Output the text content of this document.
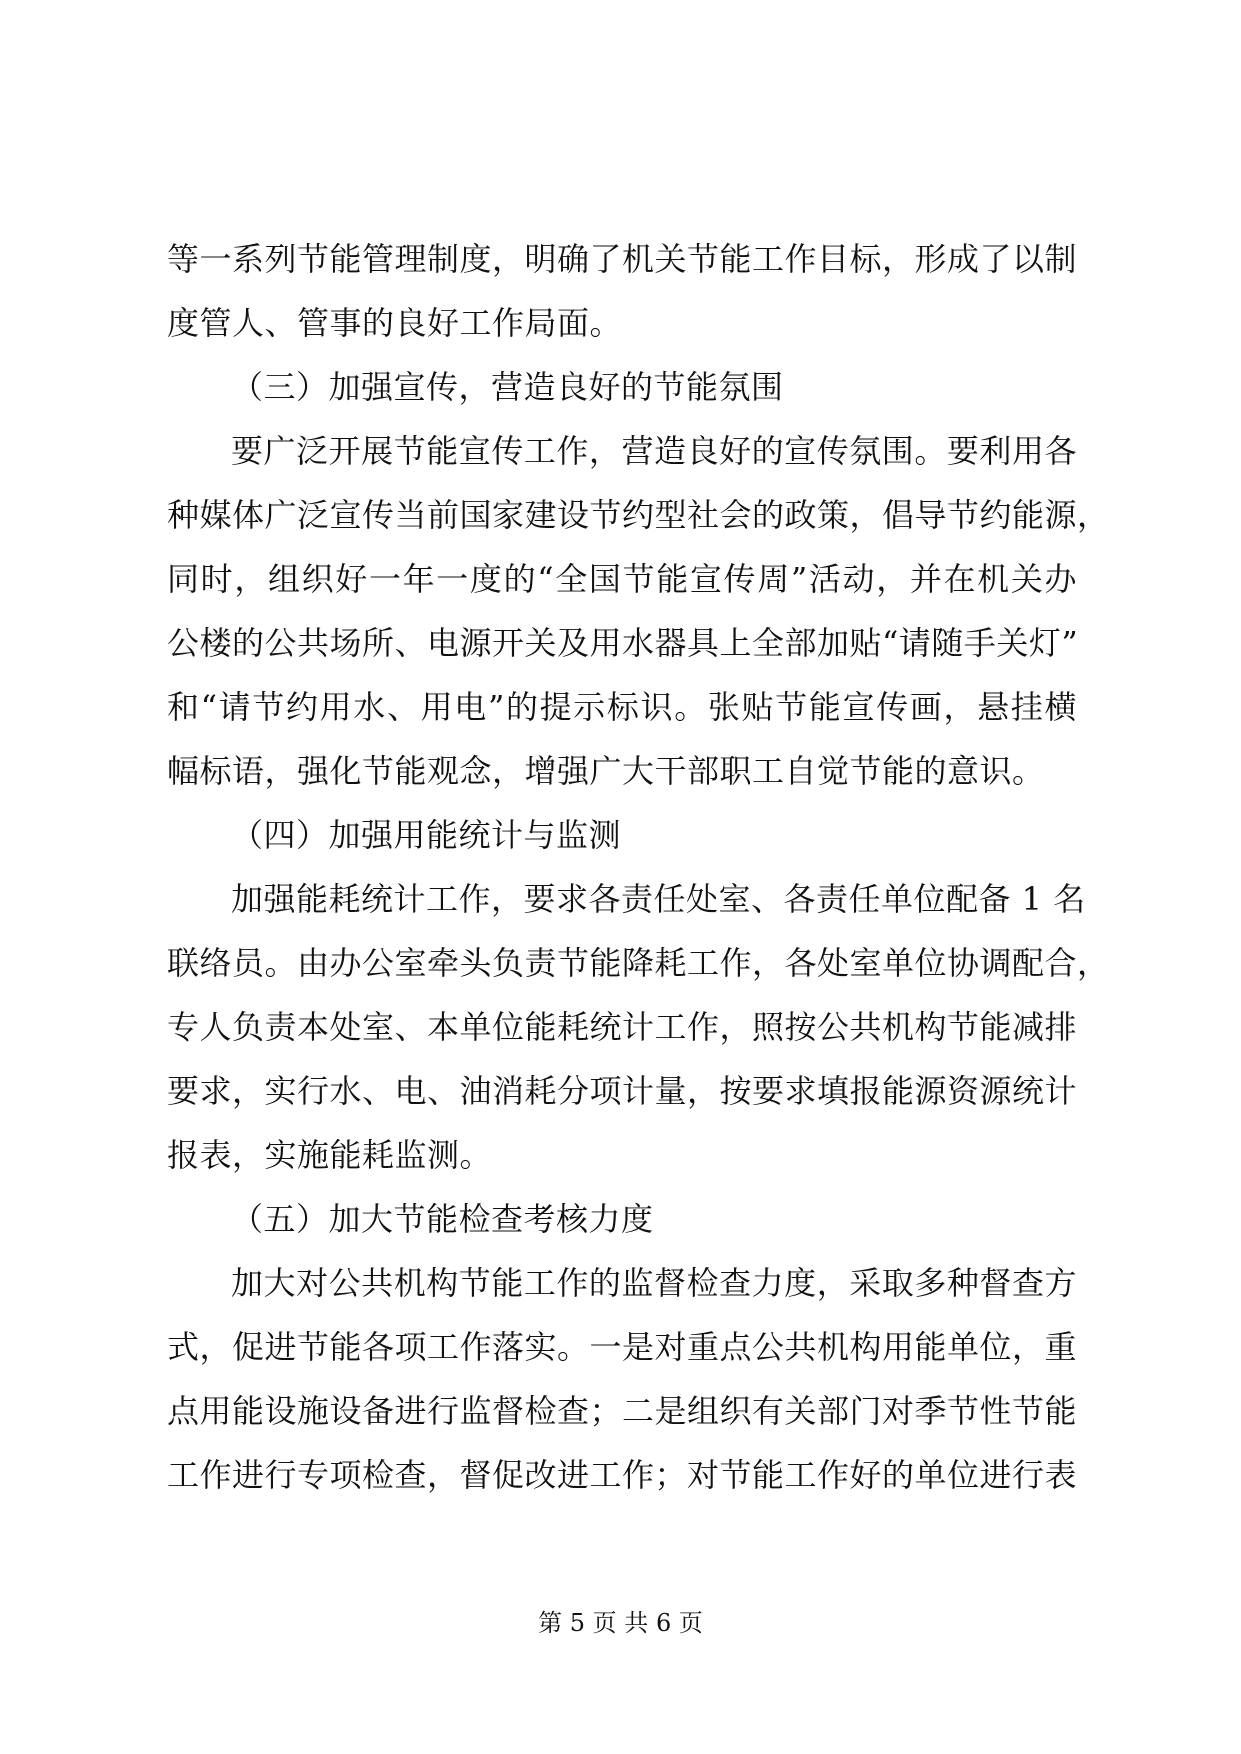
等一系列节能管理制度，明确了机关节能工作目标，形成了以制
度管人、管事的良好工作局面。
（三）加强宣传，营造良好的节能氛围
要广泛开展节能宣传工作，营造良好的宣传氛围。要利用各
种媒体广泛宣传当前国家建设节约型社会的政策，倡导节约能源，
同时，组织好一年一度的“全国节能宣传周”活动，并在机关办
公楼的公共场所、电源开关及用水器具上全部加贴“请随手关灯”
和“请节约用水、用电”的提示标识。张贴节能宣传画，悬挂横
幅标语，强化节能观念，增强广大干部职工自觉节能的意识。
（四）加强用能统计与监测
加强能耗统计工作，要求各责任处室、各责任单位配备 1 名
联络员。由办公室牵头负责节能降耗工作，各处室单位协调配合，
专人负责本处室、本单位能耗统计工作，照按公共机构节能减排
要求，实行水、电、油消耗分项计量，按要求填报能源资源统计
报表，实施能耗监测。
（五）加大节能检查考核力度
加大对公共机构节能工作的监督检查力度，采取多种督查方
式，促进节能各项工作落实。一是对重点公共机构用能单位，重
点用能设施设备进行监督检查；二是组织有关部门对季节性节能
工作进行专项检查，督促改进工作；对节能工作好的单位进行表
第 5 页 共 6 页
